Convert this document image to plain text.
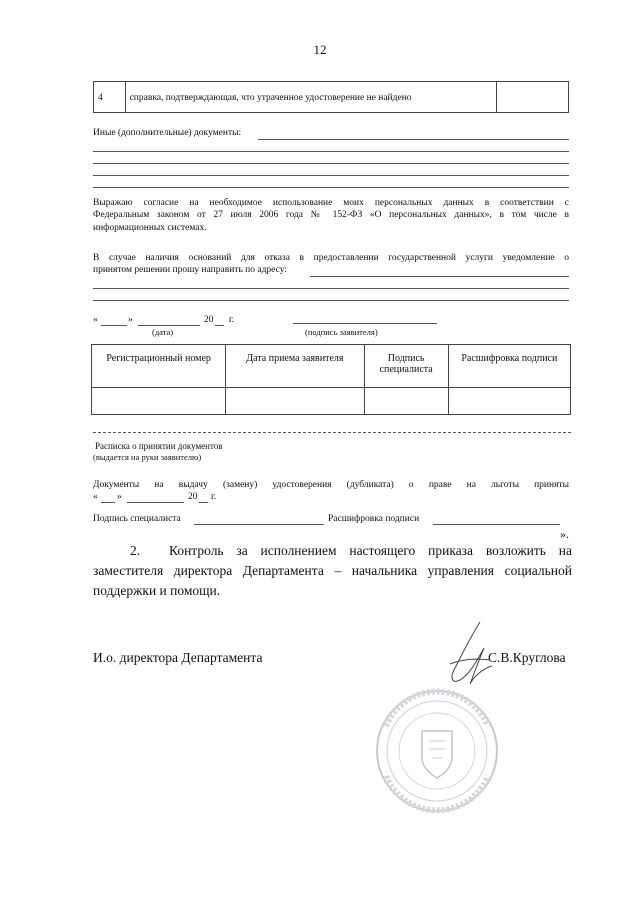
12
4	справка, подтверждающая, что утраченное удостоверение не найдено	
Иные (дополнительные) документы:
Выражаю согласие на необходимое использование моих персональных данных в соответствии с
Федеральным законом от 27 июля 2006 года № 152-ФЗ «О персональных данных», в том числе в
информационных системах.
В случае наличия оснований для отказа в предоставлении государственной услуги уведомление о
принятом решении прошу направить по адресу:
«	»	20 г.
(дата)	(подпись заявителя)
Регистрационный номер	Дата приема заявителя	Подпись специалиста	Расшифровка подписи

Расписка о принятии документов
(выдается на руки заявителю)
Документы на выдачу (замену) удостоверения (дубликата) о праве на льготы приняты
« »	20 г.
Подпись специалиста	Расшифровка подписи
».
2. Контроль за исполнением настоящего приказа возложить на
заместителя директора Департамента – начальника управления социальной
поддержки и помощи.
И.о. директора Департамента	С.В.Круглова
